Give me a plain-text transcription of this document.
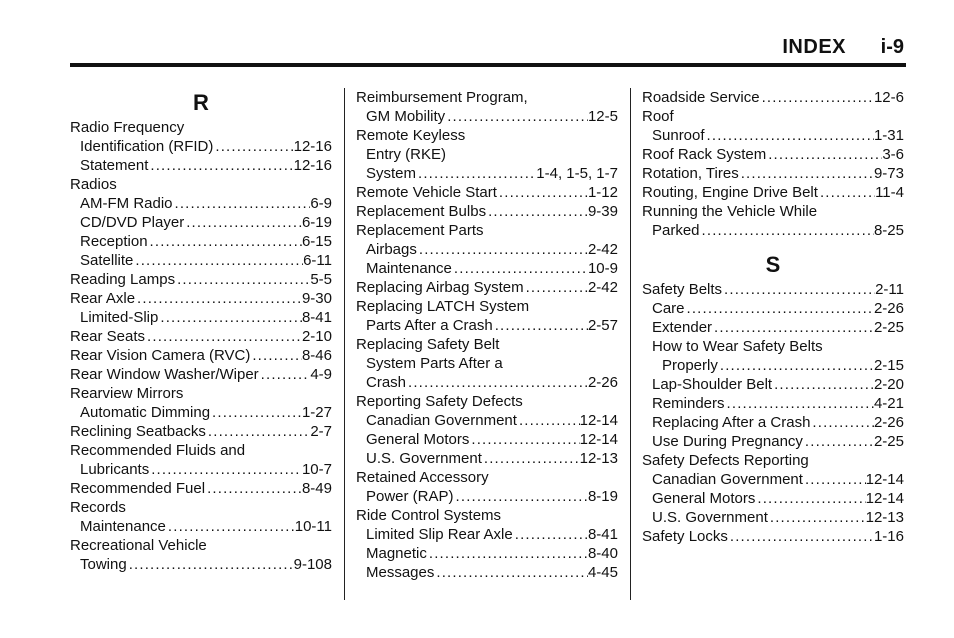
INDEX i-9
R
Radio Frequency
Identification (RFID) . . .	12-16
Statement . . .	12-16
Radios
AM-FM Radio . . .	6-9
CD/DVD Player . . .	6-19
Reception . . .	6-15
Satellite . . .	6-11
Reading Lamps . . .	5-5
Rear Axle . . .	9-30
Limited-Slip . . .	8-41
Rear Seats . . .	2-10
Rear Vision Camera (RVC) . . .	8-46
Rear Window Washer/Wiper . . .	4-9
Rearview Mirrors
Automatic Dimming . . .	1-27
Reclining Seatbacks . . .	2-7
Recommended Fluids and
Lubricants . . .	10-7
Recommended Fuel . . .	8-49
Records
Maintenance . . .	10-11
Recreational Vehicle
Towing . . .	9-108
Reimbursement Program,
GM Mobility . . .	12-5
Remote Keyless
Entry (RKE)
System . . .	1-4, 1-5, 1-7
Remote Vehicle Start . . .	1-12
Replacement Bulbs . . .	9-39
Replacement Parts
Airbags . . .	2-42
Maintenance . . .	10-9
Replacing Airbag System . . .	2-42
Replacing LATCH System
Parts After a Crash . . .	2-57
Replacing Safety Belt
System Parts After a
Crash . . .	2-26
Reporting Safety Defects
Canadian Government . . .	12-14
General Motors . . .	12-14
U.S. Government . . .	12-13
Retained Accessory
Power (RAP) . . .	8-19
Ride Control Systems
Limited Slip Rear Axle . . .	8-41
Magnetic . . .	8-40
Messages . . .	4-45
Roadside Service . . .	12-6
Roof
Sunroof . . .	1-31
Roof Rack System . . .	3-6
Rotation, Tires . . .	9-73
Routing, Engine Drive Belt . . .	11-4
Running the Vehicle While
Parked . . .	8-25
S
Safety Belts . . .	2-11
Care . . .	2-26
Extender . . .	2-25
How to Wear Safety Belts
Properly . . .	2-15
Lap-Shoulder Belt . . .	2-20
Reminders . . .	4-21
Replacing After a Crash . . .	2-26
Use During Pregnancy . . .	2-25
Safety Defects Reporting
Canadian Government . . .	12-14
General Motors . . .	12-14
U.S. Government . . .	12-13
Safety Locks . . .	1-16
